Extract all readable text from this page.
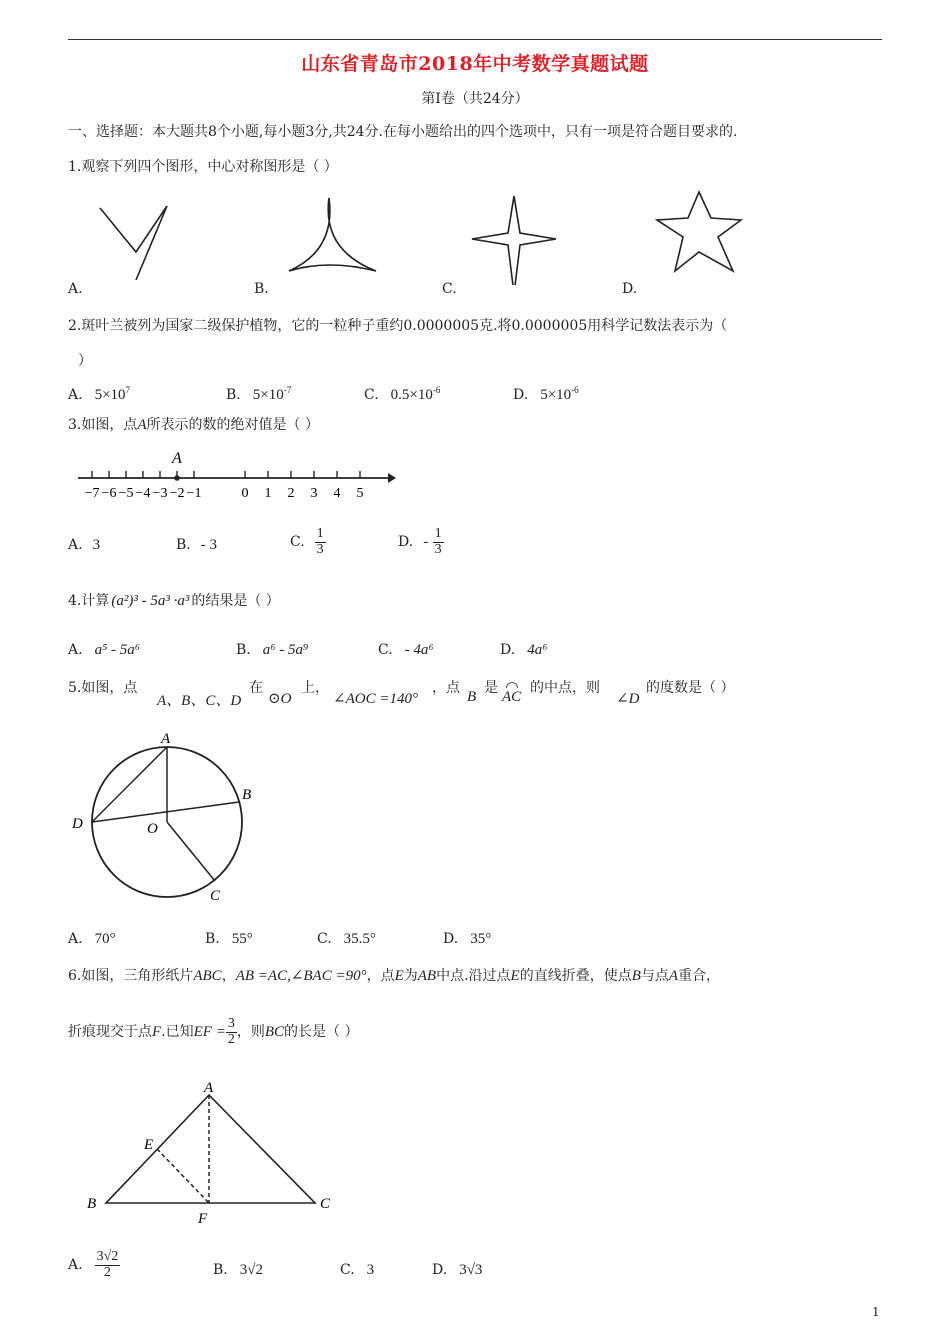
山东省青岛市2018年中考数学真题试题
第Ⅰ卷（共24分）
一、选择题：本大题共8个小题,每小题3分,共24分.在每小题给出的四个选项中，只有一项是符合题目要求的.
1.观察下列四个图形，中心对称图形是（ ）
A.	B.	C.	D.
2.斑叶兰被列为国家二级保护植物，它的一粒种子重约0.0000005克.将0.0000005用科学记数法表示为（
）
A. $5\times 10^7$	B. $5\times 10^{-7}$	C. $0.5\times 10^{-6}$	D. $5\times 10^{-6}$
3.如图，点A所表示的数的绝对值是（ ）
−7 −6 −5 −4 −3 −2 −1	0 1 2 3 4 5
A
A. 3	B. - 3	C. $\frac{1}{3}$	D. - $\frac{1}{3}$
4.计算 (a²)³ - 5a³ ·a³ 的结果是（ ）
A. a⁵ - 5a⁶	B. a⁶ - 5a⁹	C. - 4a⁶	D. 4a⁶
5.如图，点
A、B、C、D
在
⊙O
上，
∠AOC =140°
，点
B
是
AC
的中点，则
∠D
的度数是（ ）
A
B
C
D	O
A. 70°	B. 55°	C. 35.5°	D. 35°
6.如图，三角形纸片ABC，AB =AC,∠BAC =90°，点E为AB中点.沿过点E的直线折叠，使点B与点A重合，
折痕现交于点F.已知EF = $\frac{3}{2}$ ，则BC的长是（ ）
A
E
B
F
C
A. $\frac{3√2}{2}$	B. 3√2	C. 3	D. 3√3
1
